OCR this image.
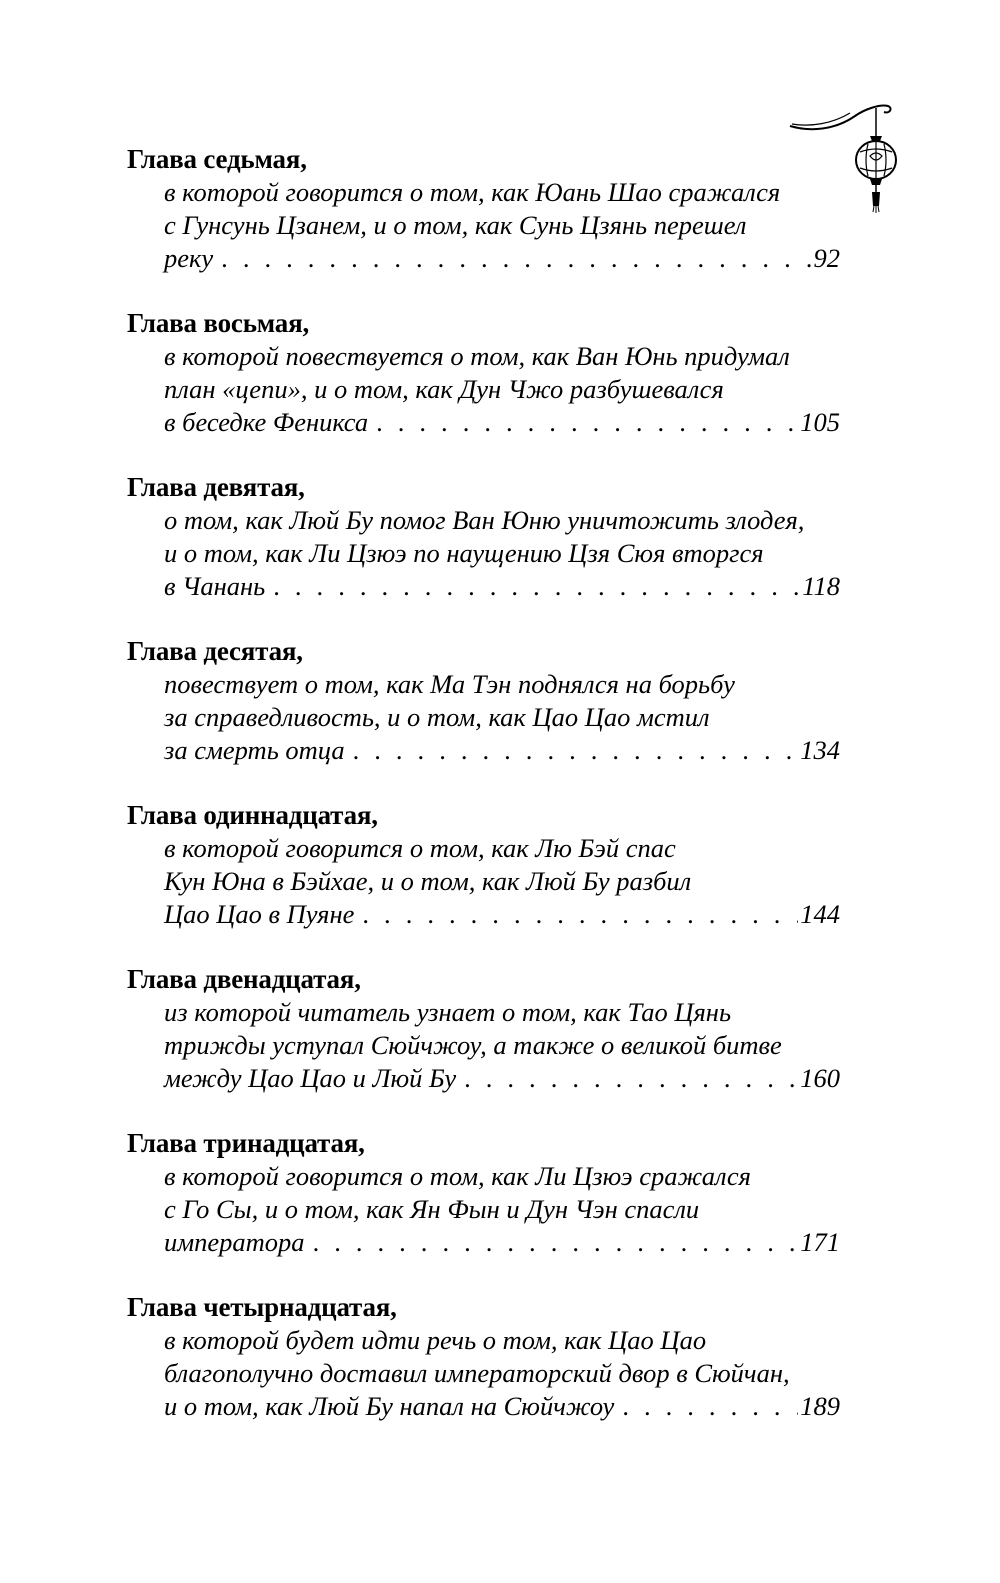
Глава седьмая,
в которой говорится о том, как Юань Шао сражался
с Гунсунь Цзанем, и о том, как Сунь Цзянь перешел
реку . . .	92
Глава восьмая,
в которой повествуется о том, как Ван Юнь придумал
план «цепи», и о том, как Дун Чжо разбушевался
в беседке Феникса . . .	105
Глава девятая,
о том, как Люй Бу помог Ван Юню уничтожить злодея,
и о том, как Ли Цзюэ по наущению Цзя Сюя вторгся
в Чанань . . .	118
Глава десятая,
повествует о том, как Ма Тэн поднялся на борьбу
за справедливость, и о том, как Цао Цао мстил
за смерть отца . . .	134
Глава одиннадцатая,
в которой говорится о том, как Лю Бэй спас
Кун Юна в Бэйхае, и о том, как Люй Бу разбил
Цао Цао в Пуяне . . .	144
Глава двенадцатая,
из которой читатель узнает о том, как Тао Цянь
трижды уступал Сюйчжоу, а также о великой битве
между Цао Цао и Люй Бу . . .	160
Глава тринадцатая,
в которой говорится о том, как Ли Цзюэ сражался
с Го Сы, и о том, как Ян Фын и Дун Чэн спасли
императора . . .	171
Глава четырнадцатая,
в которой будет идти речь о том, как Цао Цао
благополучно доставил императорский двор в Сюйчан,
и о том, как Люй Бу напал на Сюйчжоу . . .	189
